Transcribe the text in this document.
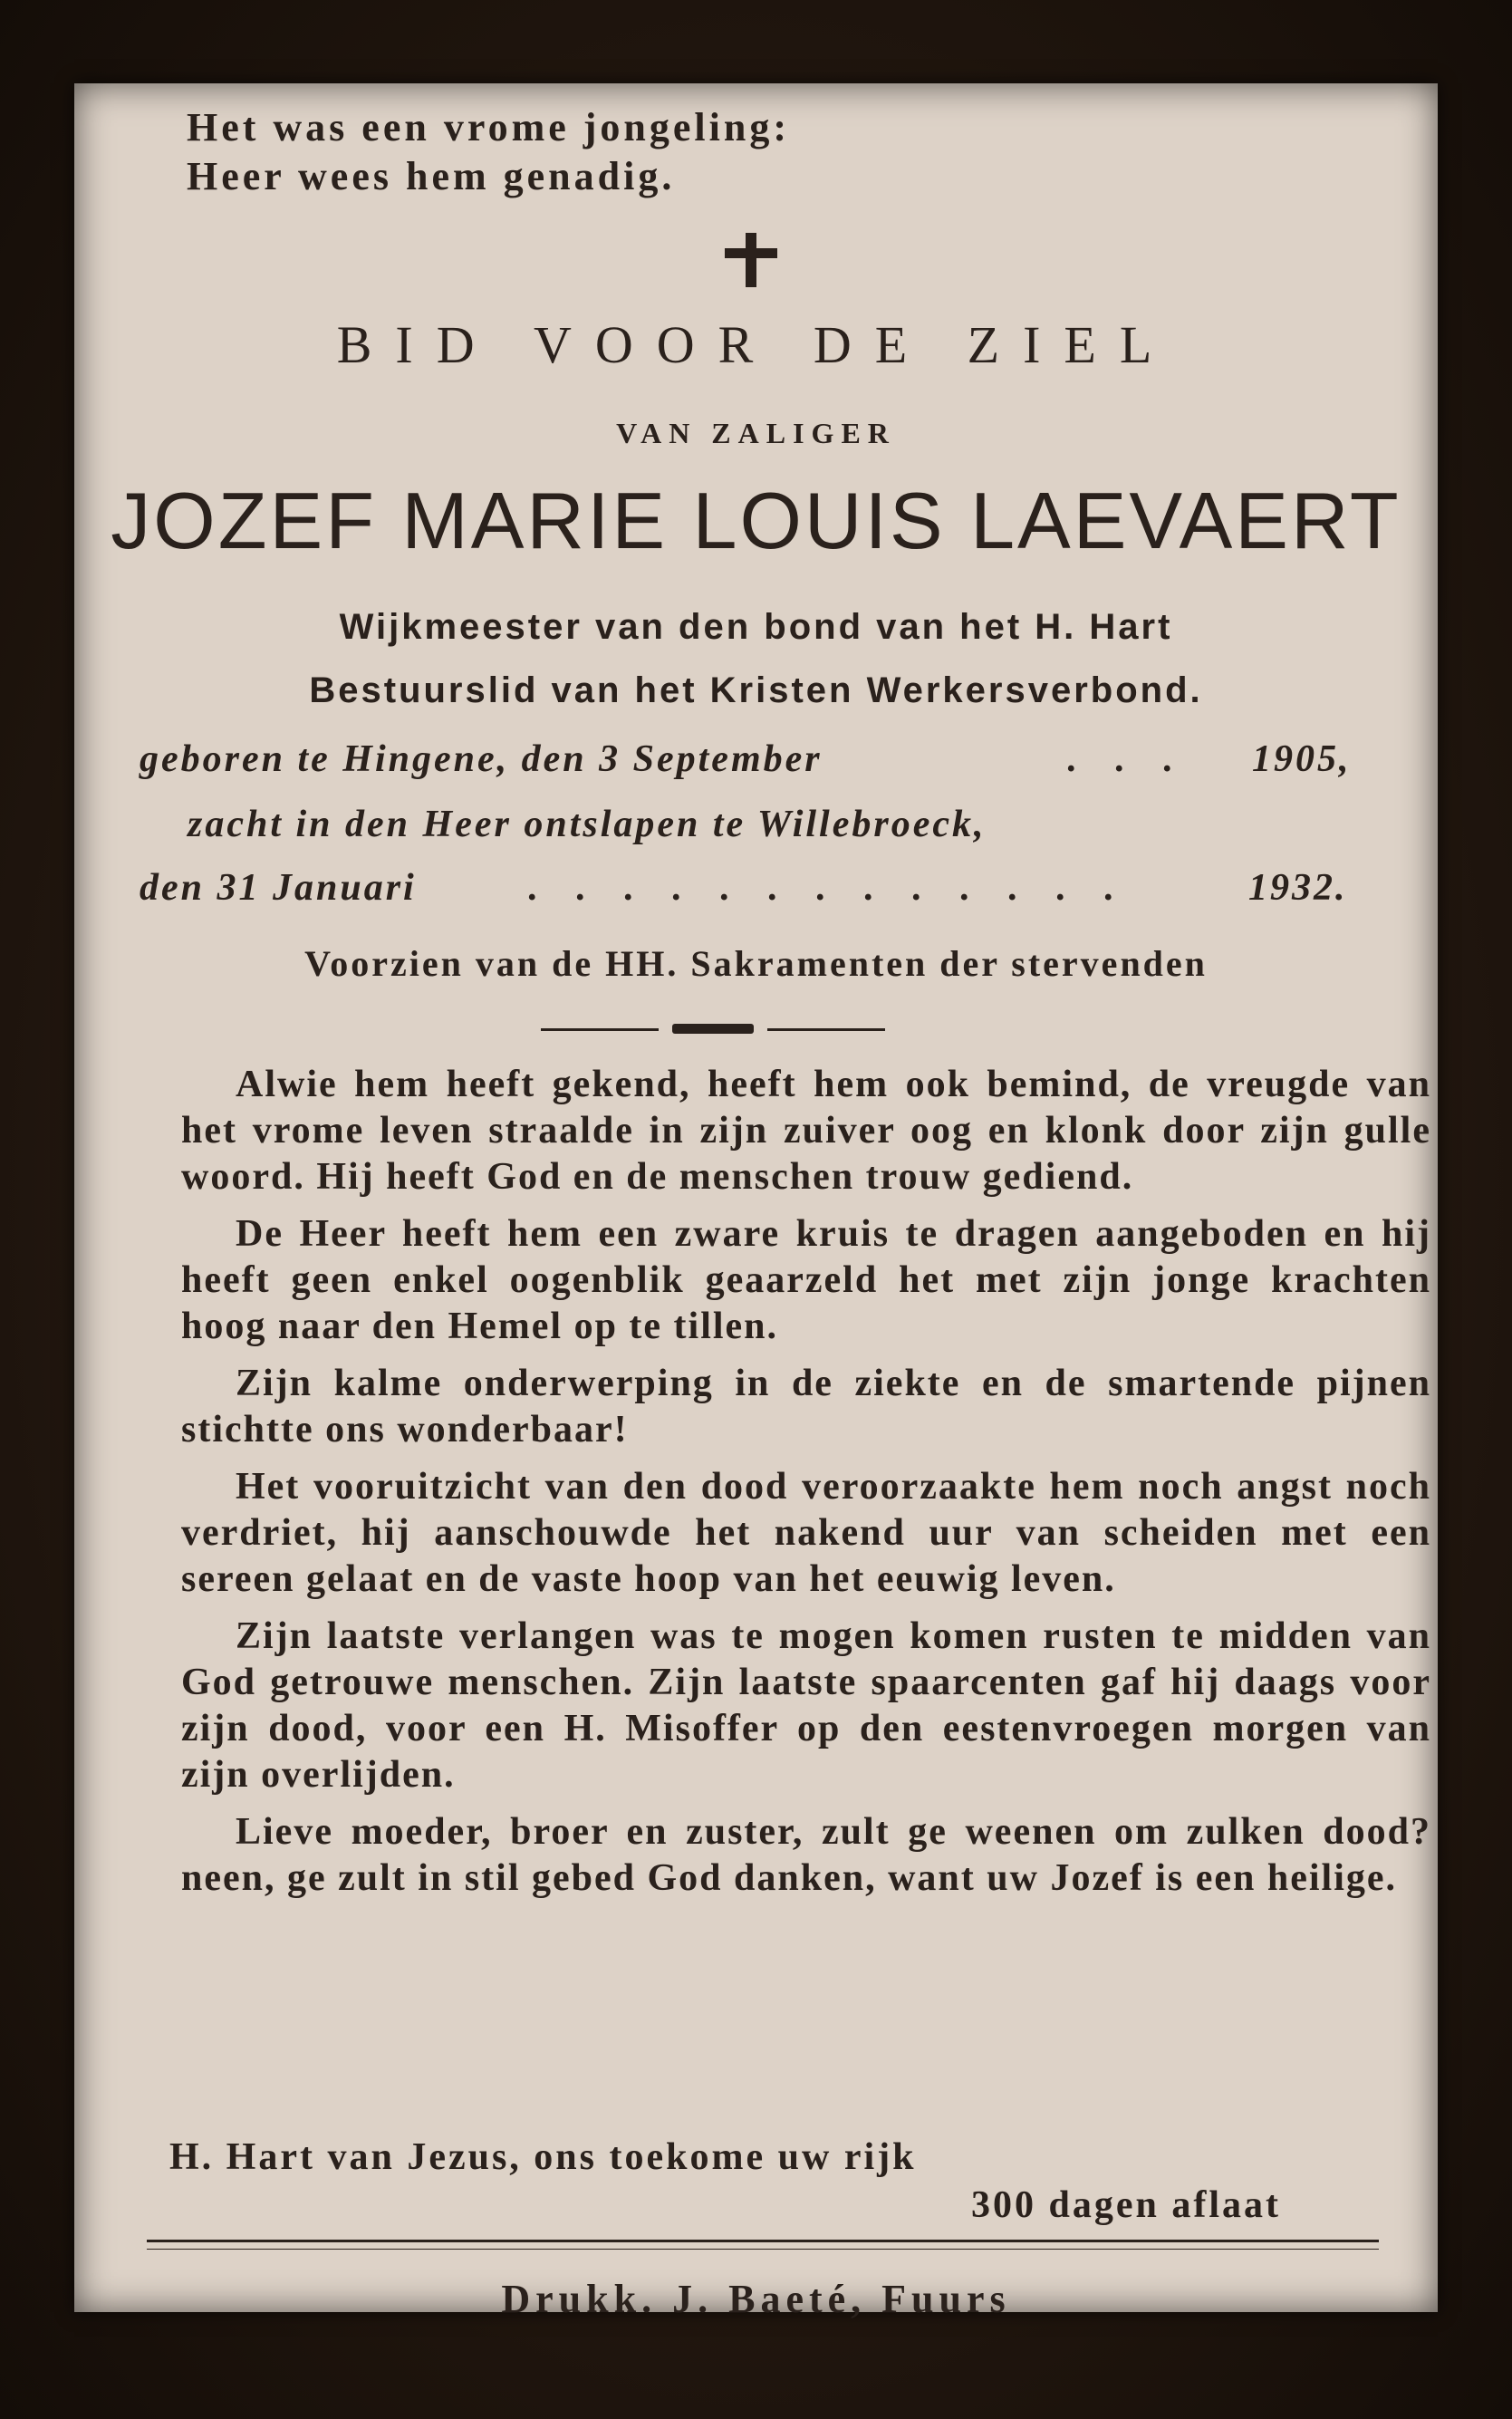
Het was een vrome jongeling:
Heer wees hem genadig.
BID VOOR DE ZIEL
VAN ZALIGER
JOZEF MARIE LOUIS LAEVAERT
Wijkmeester van den bond van het H. Hart
Bestuurslid van het Kristen Werkersverbond.
geboren te Hingene, den 3 September	. . . 1905,
zacht in den Heer ontslapen te Willebroeck,
den 31 Januari	. . . . . . . . . . . . .	1932.
Voorzien van de HH. Sakramenten der stervenden

Alwie hem heeft gekend, heeft hem ook bemind, de vreugde van het vrome leven straalde in zijn zuiver oog en klonk door zijn gulle woord. Hij heeft God en de menschen trouw gediend.

De Heer heeft hem een zware kruis te dragen aangeboden en hij heeft geen enkel oogenblik geaarzeld het met zijn jonge krachten hoog naar den Hemel op te tillen.

Zijn kalme onderwerping in de ziekte en de smartende pijnen stichtte ons wonderbaar!

Het vooruitzicht van den dood veroorzaakte hem noch angst noch verdriet, hij aanschouwde het nakend uur van scheiden met een sereen gelaat en de vaste hoop van het eeuwig leven.

Zijn laatste verlangen was te mogen komen rusten te midden van God getrouwe menschen. Zijn laatste spaarcenten gaf hij daags voor zijn dood, voor een H. Misoffer op den eestenvroegen morgen van zijn overlijden.

Lieve moeder, broer en zuster, zult ge weenen om zulken dood? neen, ge zult in stil gebed God danken, want uw Jozef is een heilige.

H. Hart van Jezus, ons toekome uw rijk
300 dagen aflaat
Drukk. J. Baeté, Fuurs
